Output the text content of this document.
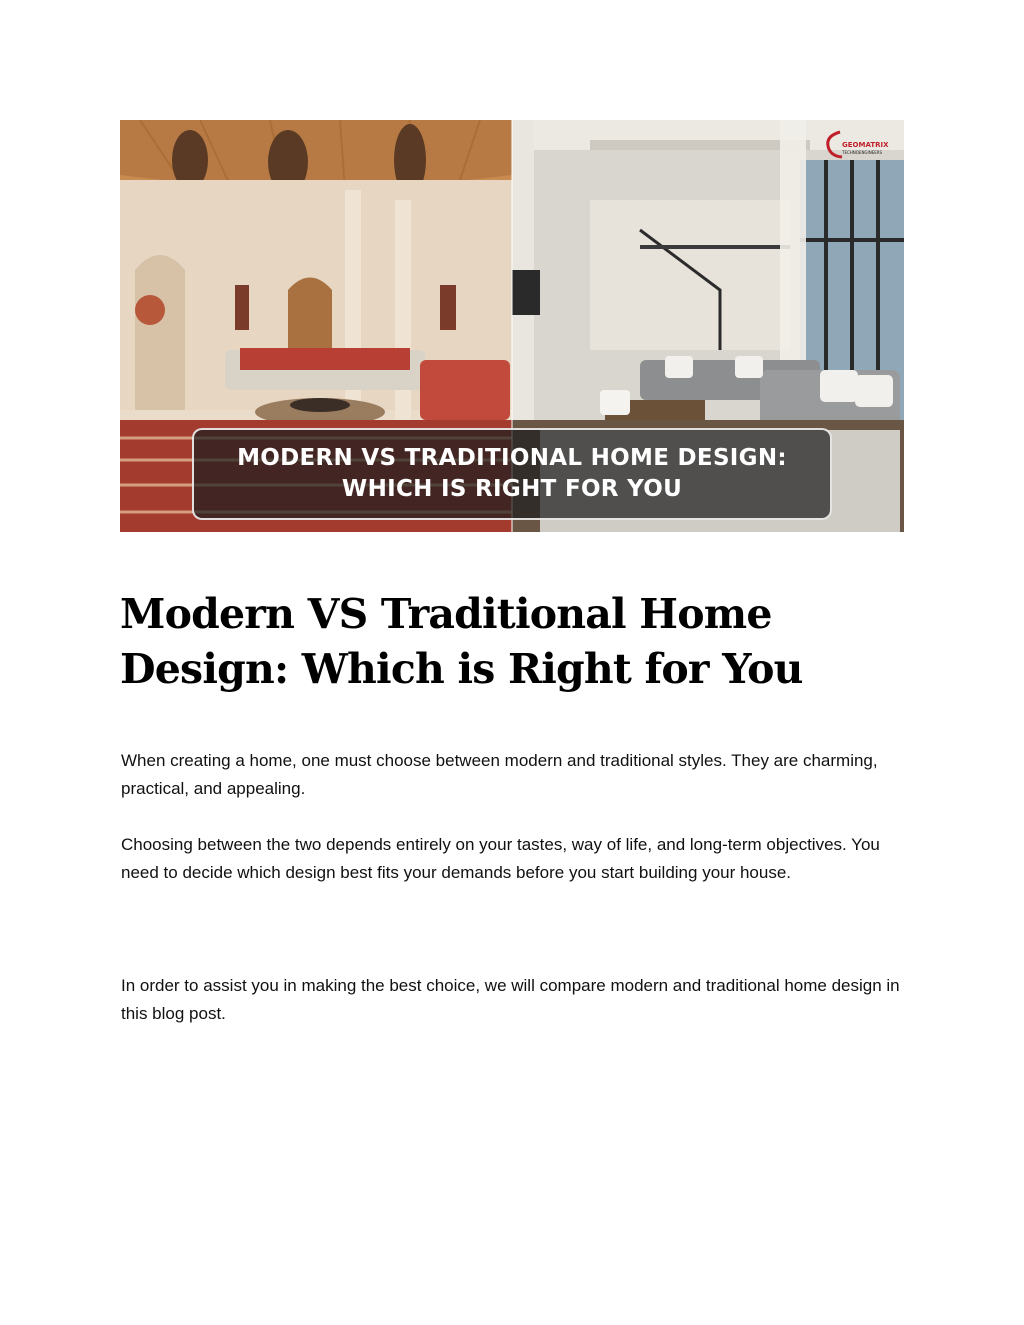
GEOMATRIX
TECHNOENGINEERS
MODERN VS TRADITIONAL HOME DESIGN:
WHICH IS RIGHT FOR YOU
Modern VS Traditional Home Design: Which is Right for You

When creating a home, one must choose between modern and traditional styles. They are charming, practical, and appealing.

Choosing between the two depends entirely on your tastes, way of life, and long-term objectives. You need to decide which design best fits your demands before you start building your house.

In order to assist you in making the best choice, we will compare modern and traditional home design in this blog post.
